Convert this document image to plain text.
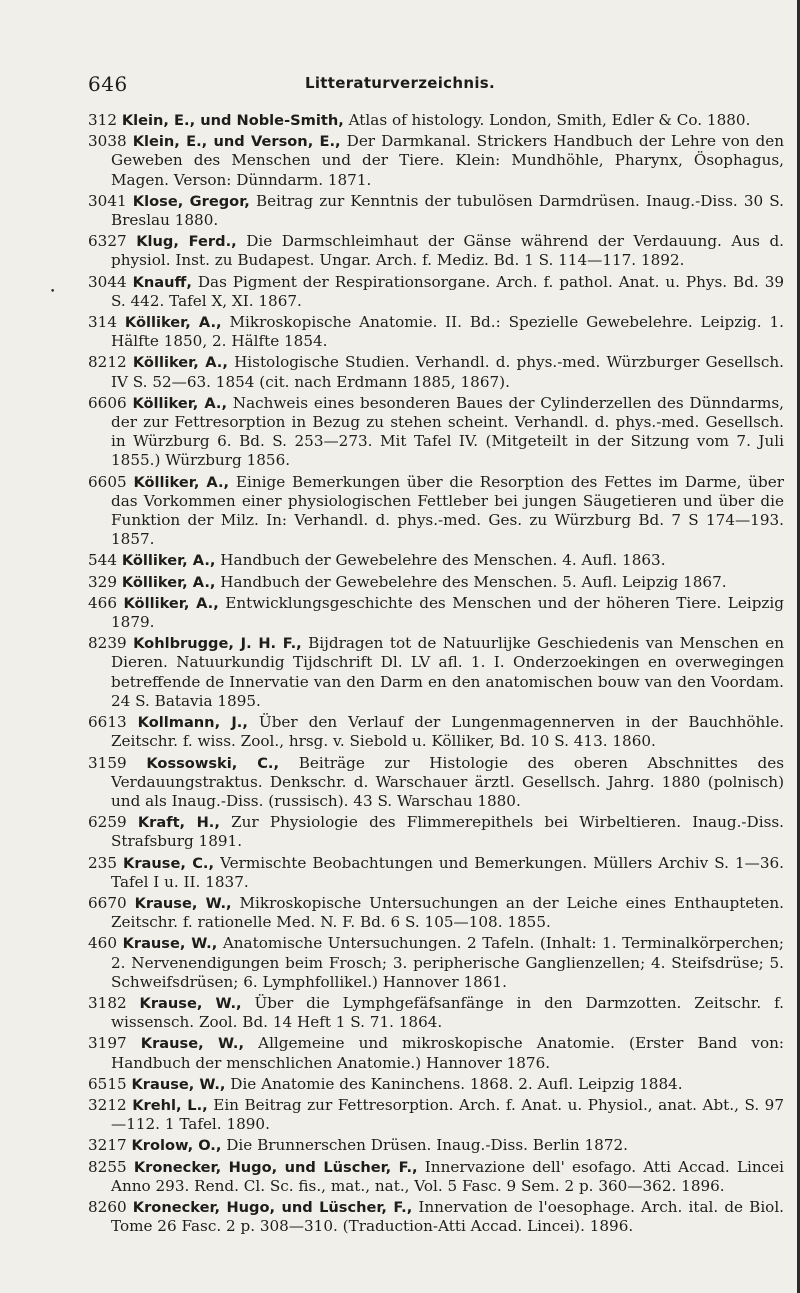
646	Litteraturverzeichnis.
•

312 Klein, E., und Noble-Smith, Atlas of histology. London, Smith, Edler & Co. 1880.

3038 Klein, E., und Verson, E., Der Darmkanal. Strickers Handbuch der Lehre von den Geweben des Menschen und der Tiere. Klein: Mundhöhle, Pharynx, Ösophagus, Magen. Verson: Dünndarm. 1871.

3041 Klose, Gregor, Beitrag zur Kenntnis der tubulösen Darmdrüsen. Inaug.-Diss. 30 S. Breslau 1880.

6327 Klug, Ferd., Die Darmschleimhaut der Gänse während der Verdauung. Aus d. physiol. Inst. zu Budapest. Ungar. Arch. f. Mediz. Bd. 1 S. 114—117. 1892.

3044 Knauff, Das Pigment der Respirationsorgane. Arch. f. pathol. Anat. u. Phys. Bd. 39 S. 442. Tafel X, XI. 1867.

314 Kölliker, A., Mikroskopische Anatomie. II. Bd.: Spezielle Gewebelehre. Leipzig. 1. Hälfte 1850, 2. Hälfte 1854.

8212 Kölliker, A., Histologische Studien. Verhandl. d. phys.-med. Würzburger Gesellsch. IV S. 52—63. 1854 (cit. nach Erdmann 1885, 1867).

6606 Kölliker, A., Nachweis eines besonderen Baues der Cylinderzellen des Dünndarms, der zur Fettresorption in Bezug zu stehen scheint. Verhandl. d. phys.-med. Gesellsch. in Würzburg 6. Bd. S. 253—273. Mit Tafel IV. (Mitgeteilt in der Sitzung vom 7. Juli 1855.) Würzburg 1856.

6605 Kölliker, A., Einige Bemerkungen über die Resorption des Fettes im Darme, über das Vorkommen einer physiologischen Fettleber bei jungen Säugetieren und über die Funktion der Milz. In: Verhandl. d. phys.-med. Ges. zu Würzburg Bd. 7 S 174—193. 1857.

544 Kölliker, A., Handbuch der Gewebelehre des Menschen. 4. Aufl. 1863.

329 Kölliker, A., Handbuch der Gewebelehre des Menschen. 5. Aufl. Leipzig 1867.

466 Kölliker, A., Entwicklungsgeschichte des Menschen und der höheren Tiere. Leipzig 1879.

8239 Kohlbrugge, J. H. F., Bijdragen tot de Natuurlijke Geschiedenis van Menschen en Dieren. Natuurkundig Tijdschrift Dl. LV afl. 1. I. Onderzoekingen en overwegingen betreffende de Innervatie van den Darm en den anatomischen bouw van den Voordam. 24 S. Batavia 1895.

6613 Kollmann, J., Über den Verlauf der Lungenmagennerven in der Bauchhöhle. Zeitschr. f. wiss. Zool., hrsg. v. Siebold u. Kölliker, Bd. 10 S. 413. 1860.

3159 Kossowski, C., Beiträge zur Histologie des oberen Abschnittes des Verdauungstraktus. Denkschr. d. Warschauer ärztl. Gesellsch. Jahrg. 1880 (polnisch) und als Inaug.-Diss. (russisch). 43 S. Warschau 1880.

6259 Kraft, H., Zur Physiologie des Flimmerepithels bei Wirbeltieren. Inaug.-Diss. Strafsburg 1891.

235 Krause, C., Vermischte Beobachtungen und Bemerkungen. Müllers Archiv S. 1—36. Tafel I u. II. 1837.

6670 Krause, W., Mikroskopische Untersuchungen an der Leiche eines Enthaupteten. Zeitschr. f. rationelle Med. N. F. Bd. 6 S. 105—108. 1855.

460 Krause, W., Anatomische Untersuchungen. 2 Tafeln. (Inhalt: 1. Terminalkörperchen; 2. Nervenendigungen beim Frosch; 3. peripherische Ganglienzellen; 4. Steifsdrüse; 5. Schweifsdrüsen; 6. Lymphfollikel.) Hannover 1861.

3182 Krause, W., Über die Lymphgefäfsanfänge in den Darmzotten. Zeitschr. f. wissensch. Zool. Bd. 14 Heft 1 S. 71. 1864.

3197 Krause, W., Allgemeine und mikroskopische Anatomie. (Erster Band von: Handbuch der menschlichen Anatomie.) Hannover 1876.

6515 Krause, W., Die Anatomie des Kaninchens. 1868. 2. Aufl. Leipzig 1884.

3212 Krehl, L., Ein Beitrag zur Fettresorption. Arch. f. Anat. u. Physiol., anat. Abt., S. 97—112. 1 Tafel. 1890.

3217 Krolow, O., Die Brunnerschen Drüsen. Inaug.-Diss. Berlin 1872.

8255 Kronecker, Hugo, und Lüscher, F., Innervazione dell' esofago. Atti Accad. Lincei Anno 293. Rend. Cl. Sc. fis., mat., nat., Vol. 5 Fasc. 9 Sem. 2 p. 360—362. 1896.

8260 Kronecker, Hugo, und Lüscher, F., Innervation de l'oesophage. Arch. ital. de Biol. Tome 26 Fasc. 2 p. 308—310. (Traduction-Atti Accad. Lincei). 1896.
